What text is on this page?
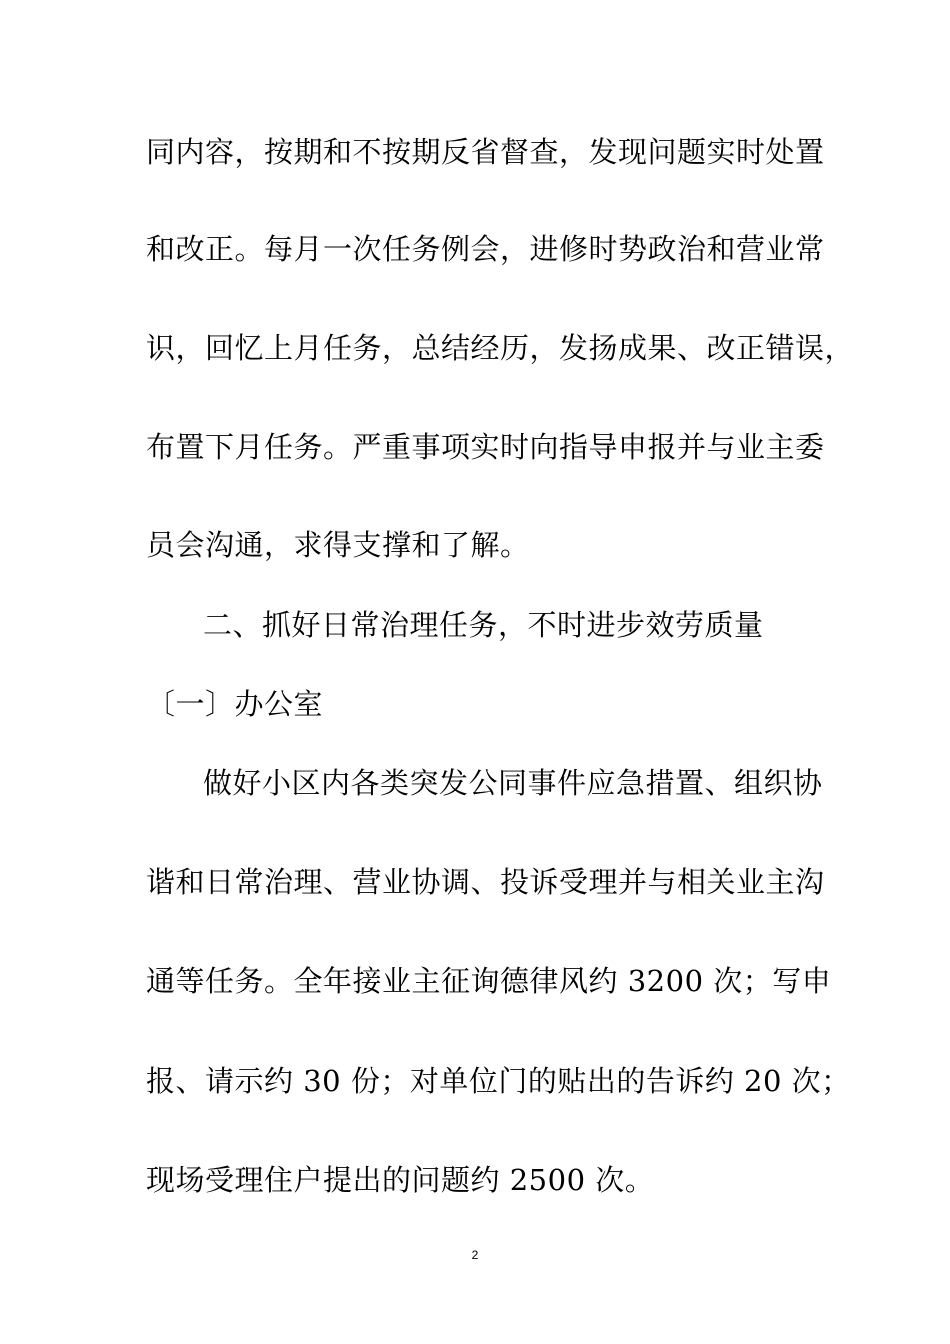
同内容，按期和不按期反省督查，发现问题实时处置
和改正。每月一次任务例会，进修时势政治和营业常
识，回忆上月任务，总结经历，发扬成果、改正错误，
布置下月任务。严重事项实时向指导申报并与业主委
员会沟通，求得支撑和了解。
二、抓好日常治理任务，不时进步效劳质量
〔一〕办公室
做好小区内各类突发公同事件应急措置、组织协
谐和日常治理、营业协调、投诉受理并与相关业主沟
通等任务。全年接业主征询德律风约 3200 次；写申
报、请示约 30 份；对单位门的贴出的告诉约 20 次；
现场受理住户提出的问题约 2500 次。
2
